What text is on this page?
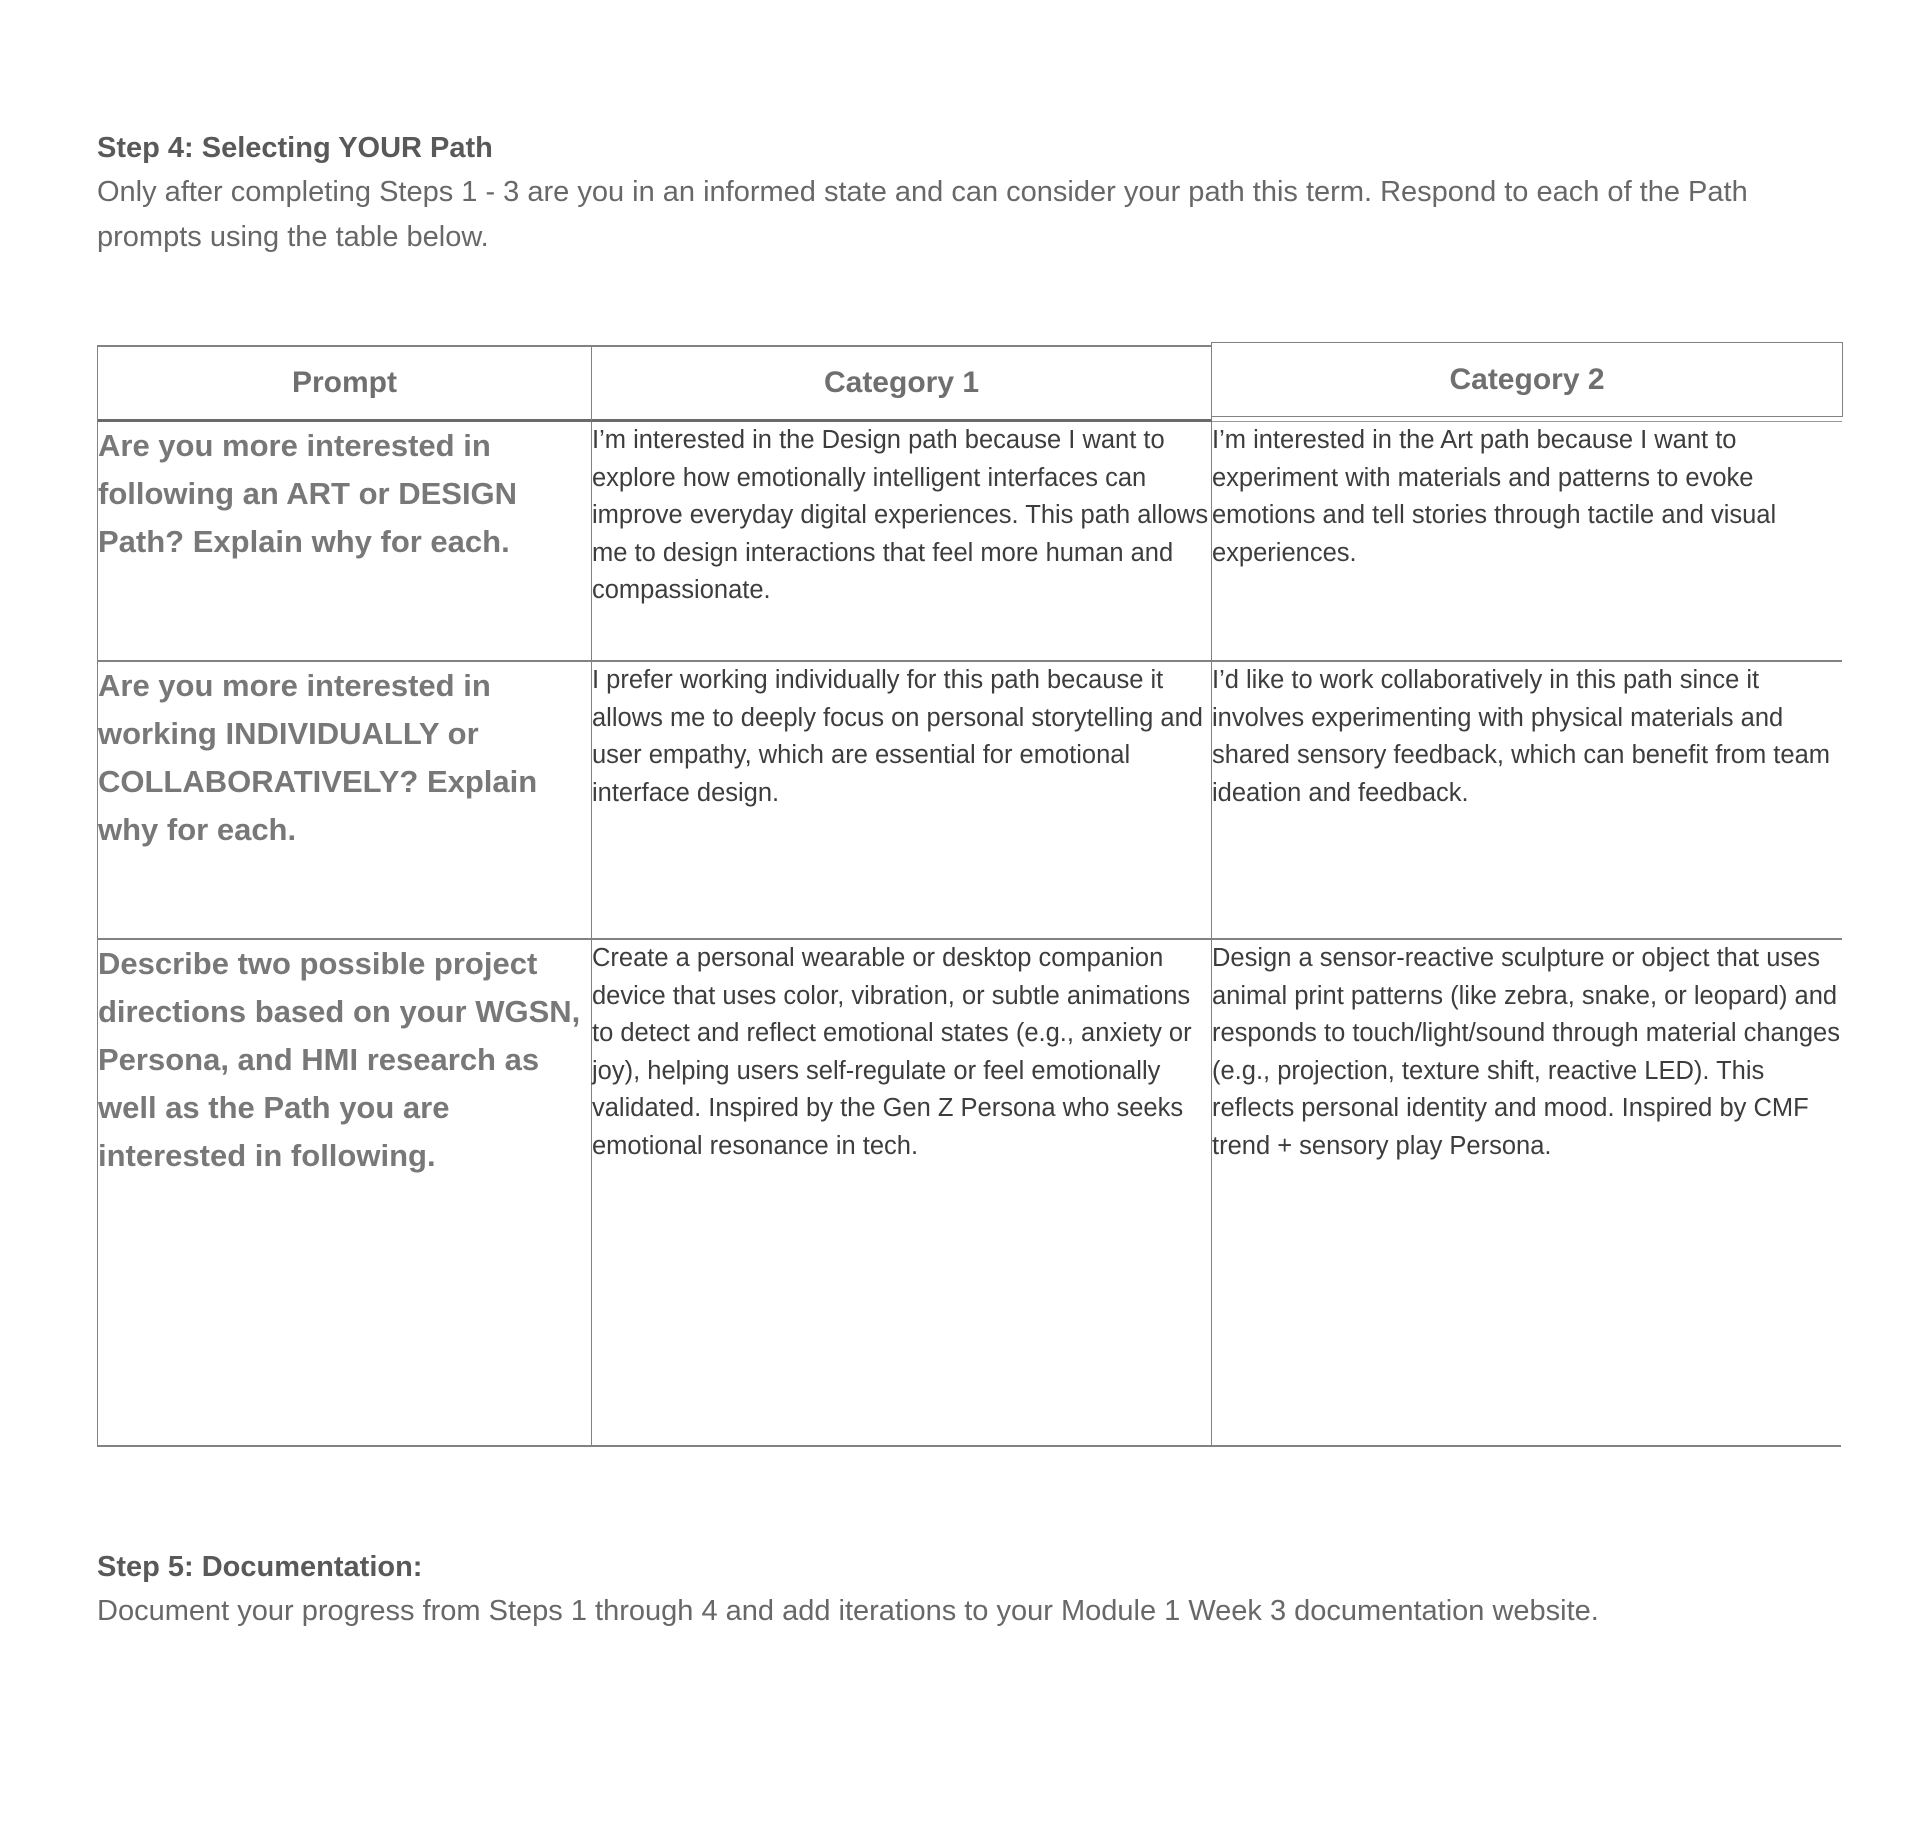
Step 4: Selecting YOUR Path
Only after completing Steps 1 - 3 are you in an informed state and can consider your path this term. Respond to each of the Path prompts using the table below.
Prompt	Category 1	Category 2
Are you more interested in following an ART or DESIGN Path? Explain why for each.
I’m interested in the Design path because I want to explore how emotionally intelligent interfaces can improve everyday digital experiences. This path allows me to design interactions that feel more human and compassionate.
I’m interested in the Art path because I want to experiment with materials and patterns to evoke emotions and tell stories through tactile and visual experiences.
Are you more interested in working INDIVIDUALLY or COLLABORATIVELY? Explain why for each.
I prefer working individually for this path because it allows me to deeply focus on personal storytelling and user empathy, which are essential for emotional interface design.
I’d like to work collaboratively in this path since it involves experimenting with physical materials and shared sensory feedback, which can benefit from team ideation and feedback.
Describe two possible project directions based on your WGSN, Persona, and HMI research as well as the Path you are interested in following.
Create a personal wearable or desktop companion device that uses color, vibration, or subtle animations to detect and reflect emotional states (e.g., anxiety or joy), helping users self-regulate or feel emotionally validated. Inspired by the Gen Z Persona who seeks emotional resonance in tech.
Design a sensor-reactive sculpture or object that uses animal print patterns (like zebra, snake, or leopard) and responds to touch/light/sound through material changes (e.g., projection, texture shift, reactive LED). This reflects personal identity and mood. Inspired by CMF trend + sensory play Persona.
Step 5: Documentation:
Document your progress from Steps 1 through 4 and add iterations to your Module 1 Week 3 documentation website.
